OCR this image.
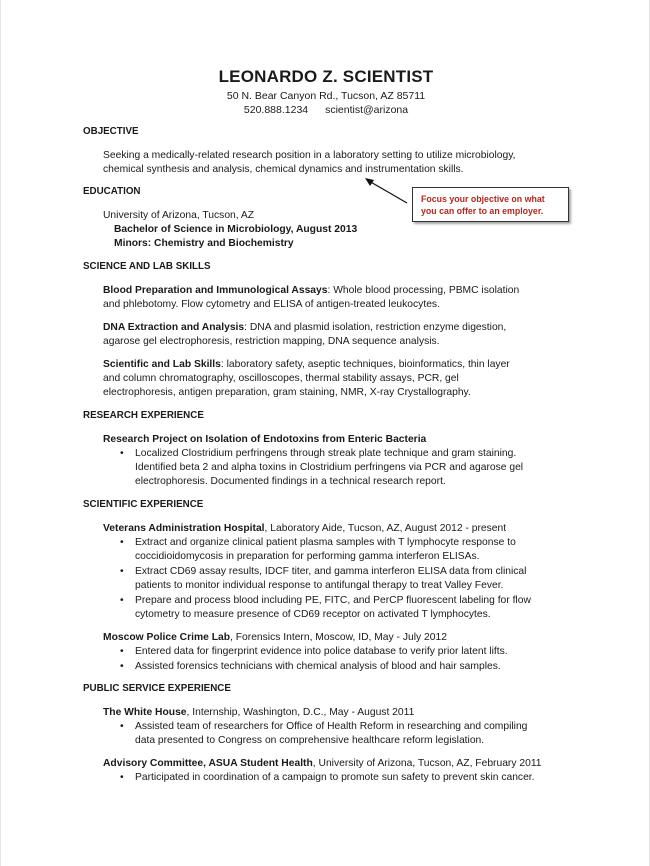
LEONARDO Z. SCIENTIST
50 N. Bear Canyon Rd., Tucson, AZ 85711
520.888.1234 scientist@arizona
OBJECTIVE
Seeking a medically-related research position in a laboratory setting to utilize microbiology,
chemical synthesis and analysis, chemical dynamics and instrumentation skills.
Focus your objective on what
you can offer to an employer.
EDUCATION
University of Arizona, Tucson, AZ
Bachelor of Science in Microbiology, August 2013
Minors: Chemistry and Biochemistry
SCIENCE AND LAB SKILLS
Blood Preparation and Immunological Assays: Whole blood processing, PBMC isolation
and phlebotomy. Flow cytometry and ELISA of antigen-treated leukocytes.
DNA Extraction and Analysis: DNA and plasmid isolation, restriction enzyme digestion,
agarose gel electrophoresis, restriction mapping, DNA sequence analysis.
Scientific and Lab Skills: laboratory safety, aseptic techniques, bioinformatics, thin layer
and column chromatography, oscilloscopes, thermal stability assays, PCR, gel
electrophoresis, antigen preparation, gram staining, NMR, X-ray Crystallography.
RESEARCH EXPERIENCE
Research Project on Isolation of Endotoxins from Enteric Bacteria
• Localized Clostridium perfringens through streak plate technique and gram staining.
Identified beta 2 and alpha toxins in Clostridium perfringens via PCR and agarose gel
electrophoresis. Documented findings in a technical research report.
SCIENTIFIC EXPERIENCE
Veterans Administration Hospital, Laboratory Aide, Tucson, AZ, August 2012 - present
• Extract and organize clinical patient plasma samples with T lymphocyte response to
coccidioidomycosis in preparation for performing gamma interferon ELISAs.
• Extract CD69 assay results, IDCF titer, and gamma interferon ELISA data from clinical
patients to monitor individual response to antifungal therapy to treat Valley Fever.
• Prepare and process blood including PE, FITC, and PerCP fluorescent labeling for flow
cytometry to measure presence of CD69 receptor on activated T lymphocytes.
Moscow Police Crime Lab, Forensics Intern, Moscow, ID, May - July 2012
• Entered data for fingerprint evidence into police database to verify prior latent lifts.
• Assisted forensics technicians with chemical analysis of blood and hair samples.
PUBLIC SERVICE EXPERIENCE
The White House, Internship, Washington, D.C., May - August 2011
• Assisted team of researchers for Office of Health Reform in researching and compiling
data presented to Congress on comprehensive healthcare reform legislation.
Advisory Committee, ASUA Student Health, University of Arizona, Tucson, AZ, February 2011
• Participated in coordination of a campaign to promote sun safety to prevent skin cancer.
